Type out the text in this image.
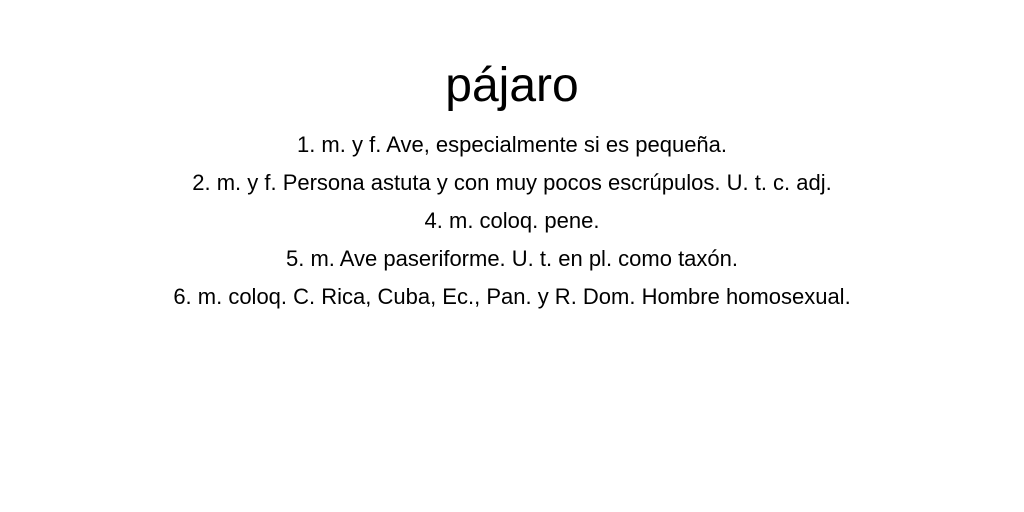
pájaro
1. m. y f. Ave, especialmente si es pequeña.
2. m. y f. Persona astuta y con muy pocos escrúpulos. U. t. c. adj.
4. m. coloq. pene.
5. m. Ave paseriforme. U. t. en pl. como taxón.
6. m. coloq. C. Rica, Cuba, Ec., Pan. y R. Dom. Hombre homosexual.
